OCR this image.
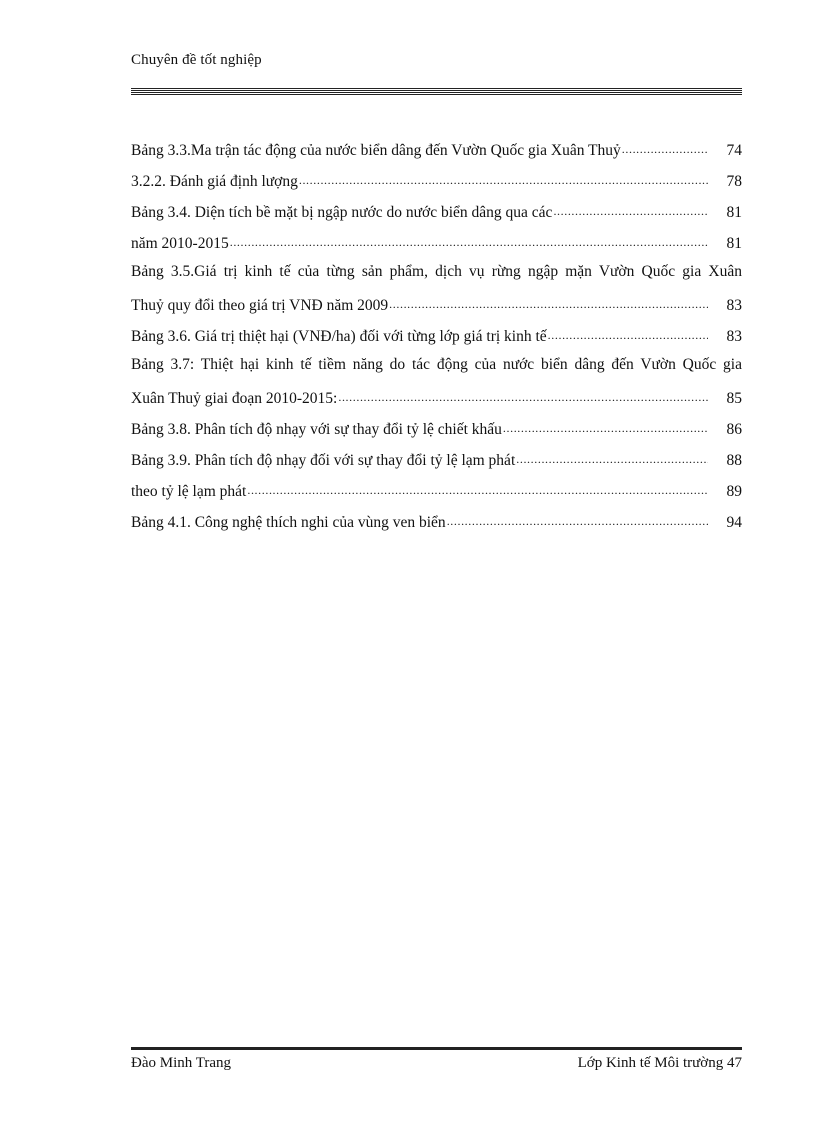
Chuyên đề tốt nghiệp
Bảng 3.3.Ma trận tác động của nước biển dâng đến Vườn Quốc gia Xuân Thuỷ .....	74
3.2.2. Đánh giá định lượng .....	78
Bảng 3.4. Diện tích bề mặt bị ngập nước do nước biển dâng qua các .....	81
năm 2010-2015 .....	81
Bảng 3.5.Giá trị kinh tế của từng sản phẩm, dịch vụ rừng ngập mặn Vườn Quốc gia Xuân
Thuỷ quy đổi theo giá trị VNĐ năm 2009 .....	83
Bảng 3.6. Giá trị thiệt hại (VNĐ/ha) đối với từng lớp giá trị kinh tế .....	83
Bảng 3.7: Thiệt hại kinh tế tiềm năng do tác động của nước biển dâng đến Vườn Quốc gia
Xuân Thuỷ giai đoạn 2010-2015: .....	85
Bảng 3.8. Phân tích độ nhạy với sự thay đổi tỷ lệ chiết khấu .....	86
Bảng 3.9. Phân tích độ nhạy đối với sự thay đổi tỷ lệ lạm phát .....	88
theo tỷ lệ lạm phát .....	89
Bảng 4.1. Công nghệ thích nghi của vùng ven biển .....	94
Đào Minh Trang	Lớp Kinh tế Môi trường 47
